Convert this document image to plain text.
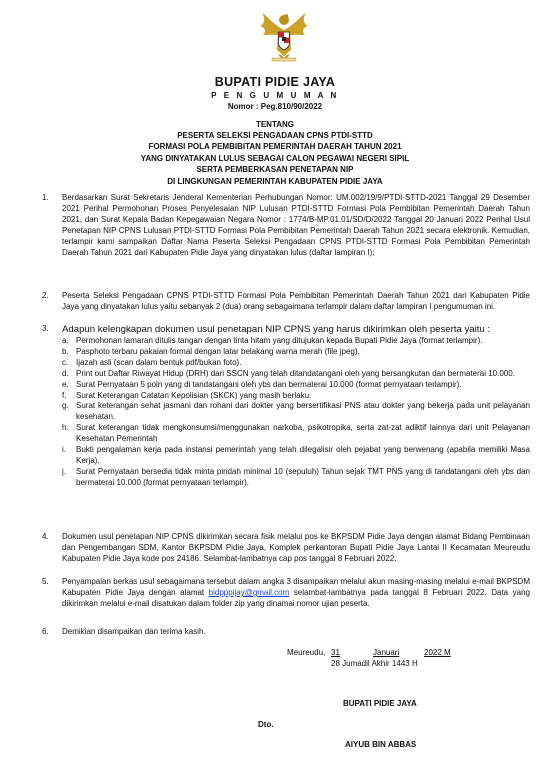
BUPATI PIDIE JAYA
P E N G U M U M A N
Nomor : Peg.810/90/2022
TENTANG
PESERTA SELEKSI PENGADAAN CPNS PTDI-STTD
FORMASI POLA PEMBIBITAN PEMERINTAH DAERAH TAHUN 2021
YANG DINYATAKAN LULUS SEBAGAI CALON PEGAWAI NEGERI SIPIL
SERTA PEMBERKASAN PENETAPAN NIP
DI LINGKUNGAN PEMERINTAH KABUPATEN PIDIE JAYA
1. Berdasarkan Surat Sekretaris Jenderal Kementerian Perhubungan Nomor: UM.002/19/9/PTDI-STTD-2021 Tanggal 29 Desember 2021 Perihal Permohonan Proses Penyelesaian NIP Lulusan PTDI-STTD Formasi Pola Pembibitan Pemerintah Daerah Tahun 2021, dan Surat Kepala Badan Kepegawaian Negara Nomor : 1774/B-MP.01.01/SD/D/2022 Tanggal 20 Januari 2022 Perihal Usul Penetapan NIP CPNS Lulusan PTDI-STTD Formasi Pola Pembibitan Pemerintah Daerah Tahun 2021 secara elektronik. Kemudian, terlampir kami sampaikan Daftar Nama Peserta Seleksi Pengadaan CPNS PTDI-STTD Formasi Pola Pembibitan Pemerintah Daerah Tahun 2021 dari Kabupaten Pidie Jaya yang dinyatakan lulus (daftar lampiran I);
2. Peserta Seleksi Pengadaan CPNS PTDI-STTD Formasi Pola Pembibitan Pemerintah Daerah Tahun 2021 dari Kabupaten Pidie Jaya yang dinyatakan lulus yaitu sebanyak 2 (dua) orang sebagaimana terlampir dalam daftar lampiran I pengumuman ini.
3. Adapun kelengkapan dokumen usul penetapan NIP CPNS yang harus dikirimkan oleh peserta yaitu :
a. Permohonan lamaran ditulis tangan dengan tinta hitam yang ditujukan kepada Bupati Pidie Jaya (format terlampir).
b. Pasphoto terbaru pakaian formal dengan latar belakang warna merah (file jpeg).
c. Ijazah asli (scan dalam bentuk pdf/bukan foto).
d. Print out Daftar Riwayat Hidup (DRH) dari SSCN yang telah ditandatangani oleh yang bersangkutan dan bermaterai 10.000.
e. Surat Pernyataan 5 poin yang di tandatangani oleh ybs dan bermaterai 10.000 (format pernyataan terlampir).
f. Surat Keterangan Catatan Kepolisian (SKCK) yang masih berlaku.
g. Surat keterangan sehat jasmani dan rohani dari dokter yang bersertifikasi PNS atau dokter yang bekerja pada unit pelayanan kesehatan.
h. Surat keterangan tidak mengkonsumsi/menggunakan narkoba, psikotropika, serta zat-zat adiktif lainnya dari unit Pelayanan Kesehatan Pemerintah
i. Bukti pengalaman kerja pada instansi pemerintah yang telah dilegalisir oleh pejabat yang berwenang (apabila memiliki Masa Kerja).
j. Surat Pernyataan bersedia tidak minta pindah minimal 10 (sepuluh) Tahun sejak TMT PNS yang di tandatangani oleh ybs dan bermaterai 10.000 (format pernyataan terlampir).
4. Dokumen usul penetapan NIP CPNS dikirimkan secara fisik melalui pos ke BKPSDM Pidie Jaya dengan alamat Bidang Pembinaan dan Pengembangan SDM, Kantor BKPSDM Pidie Jaya, Komplek perkantoran Bupati Pidie Jaya Lantai II Kecamatan Meureudu Kabupaten Pidie Jaya kode pos 24186. Selambat-lambatnya cap pos tanggal 8 Februari 2022.
5. Penyampaian berkas usul sebagaimana tersebut dalam angka 3 disampaikan melalui akun masing-masing melalui e-mail BKPSDM Kabupaten Pidie Jaya dengan alamat bidpppijay@gmail.com selambat-lambatnya pada tanggal 8 Februari 2022. Data yang dikirimkan melalui e-mail disatukan dalam folder zip yang dinamai nomor ujian peserta.
6. Demikian disampaikan dan terima kasih.
Meureudu, 31	Januari	2022 M
28 Jumadil Akhir 1443 H
BUPATI PIDIE JAYA
Dto.
AIYUB BIN ABBAS
